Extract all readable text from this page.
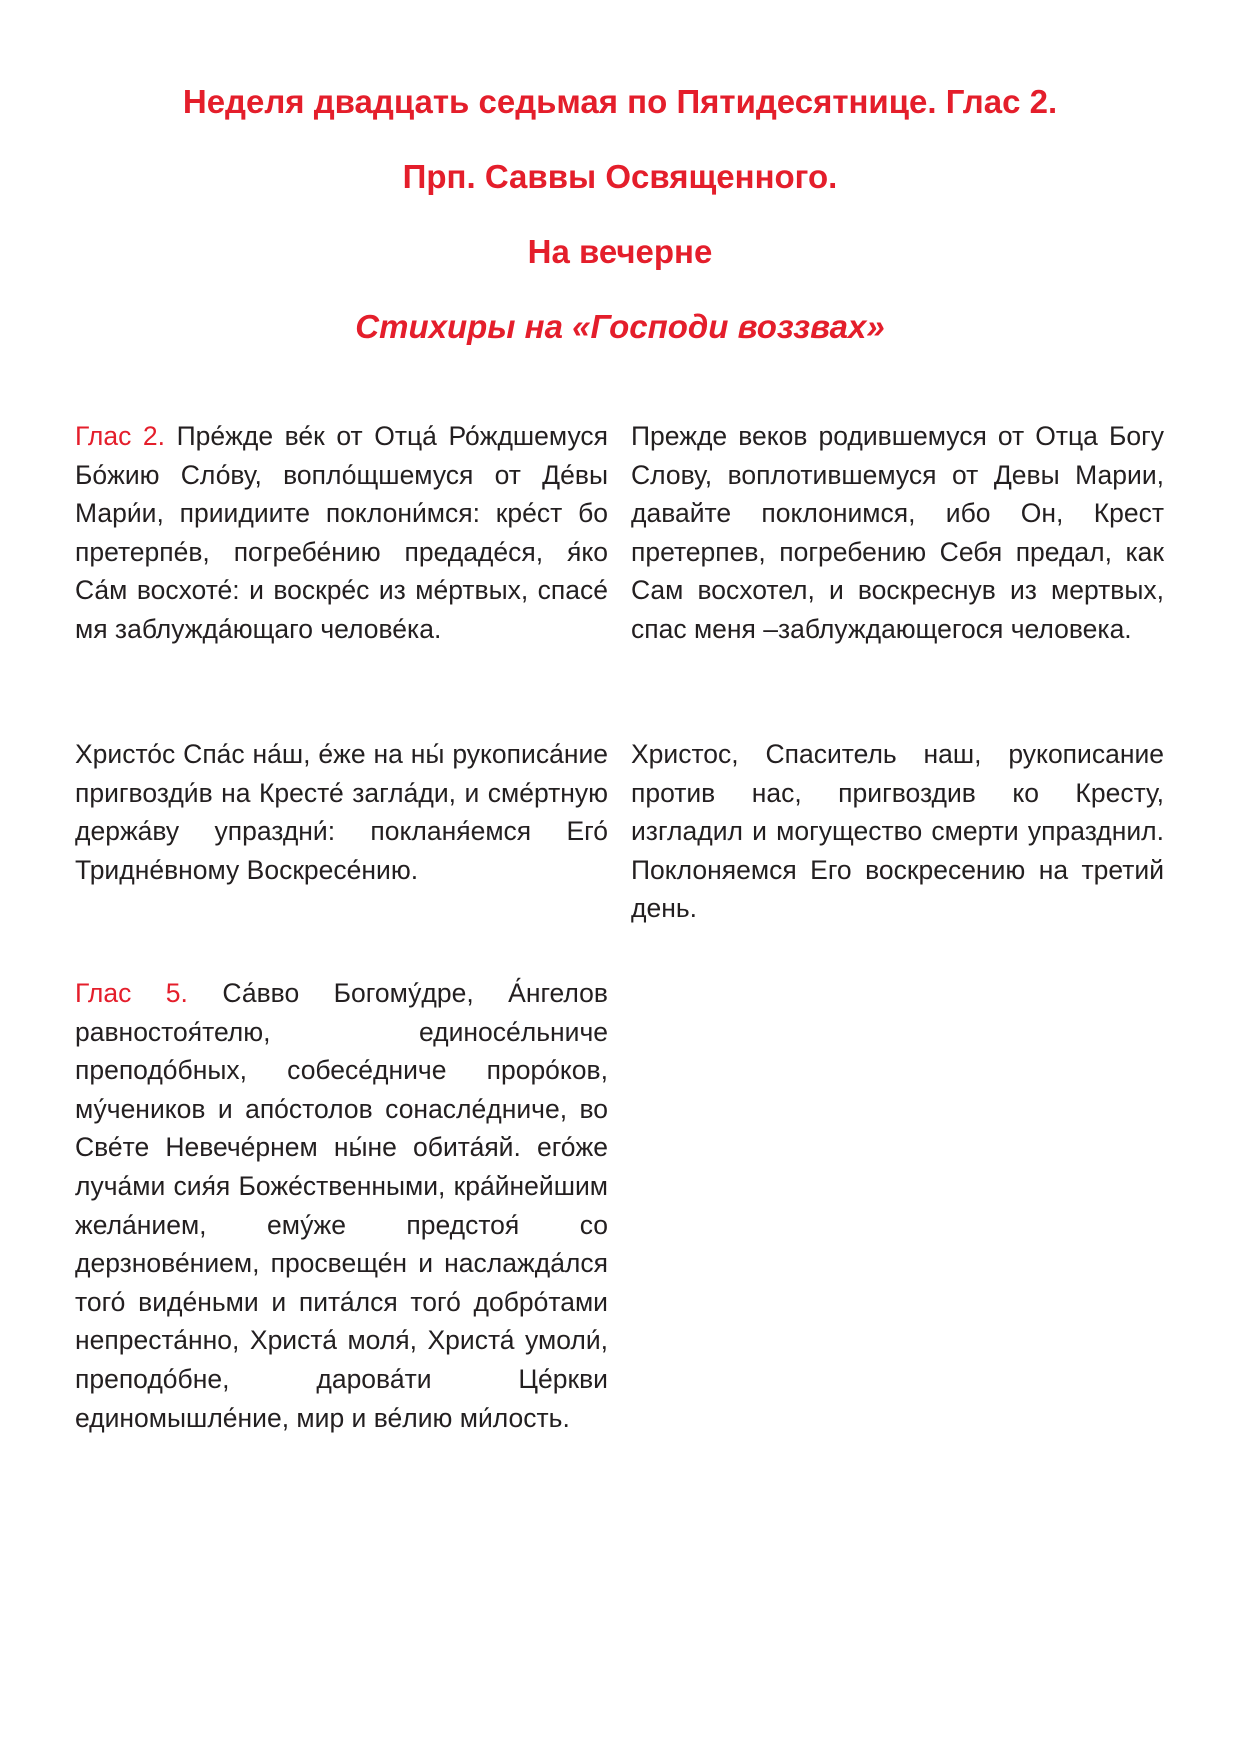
Неделя двадцать седьмая по Пятидесятнице. Глас 2.

Прп. Саввы Освященного.

На вечерне

Стихиры на «Господи воззвах»

Глас 2. Пре́жде ве́к от Отца́ Ро́ждшемуся Бо́жию Сло́ву, вопло́щшемуся от Де́вы Мари́и, приидиите поклони́мся: кре́ст бо претерпе́в, погребе́нию предаде́ся, я́ко Са́м восхоте́: и воскре́с из ме́ртвых, спасе́ мя заблужда́ющаго челове́ка.

Прежде веков родившемуся от Отца Богу Слову, воплотившемуся от Девы Марии, давайте поклонимся, ибо Он, Крест претерпев, погребению Себя предал, как Сам восхотел, и воскреснув из мертвых, спас меня –заблуждающегося человека.

Христо́с Спа́с на́ш, е́же на ны́ рукописа́ние пригвозди́в на Кресте́ загла́ди, и сме́ртную держа́ву упраздни́: покланя́емся Его́ Тридне́вному Воскресе́нию.

Христос, Спаситель наш, рукописание против нас, пригвоздив ко Кресту, изгладил и могущество смерти упразднил. Поклоняемся Его воскресению на третий день.

Глас 5. Са́вво Богому́дре, А́нгелов равностоя́телю, единосе́льниче преподо́бных, собесе́дниче проро́ков, му́чеников и апо́столов сонасле́дниче, во Све́те Невече́рнем ны́не обита́яй. его́же луча́ми сия́я Боже́ственными, кра́йнейшим жела́нием, ему́же предстоя́ со дерзнове́нием, просвеще́н и наслажда́лся того́ виде́ньми и пита́лся того́ добро́тами непреста́нно, Христа́ моля́, Христа́ умоли́, преподо́бне, дарова́ти Це́ркви единомышле́ние, мир и ве́лию ми́лость.
